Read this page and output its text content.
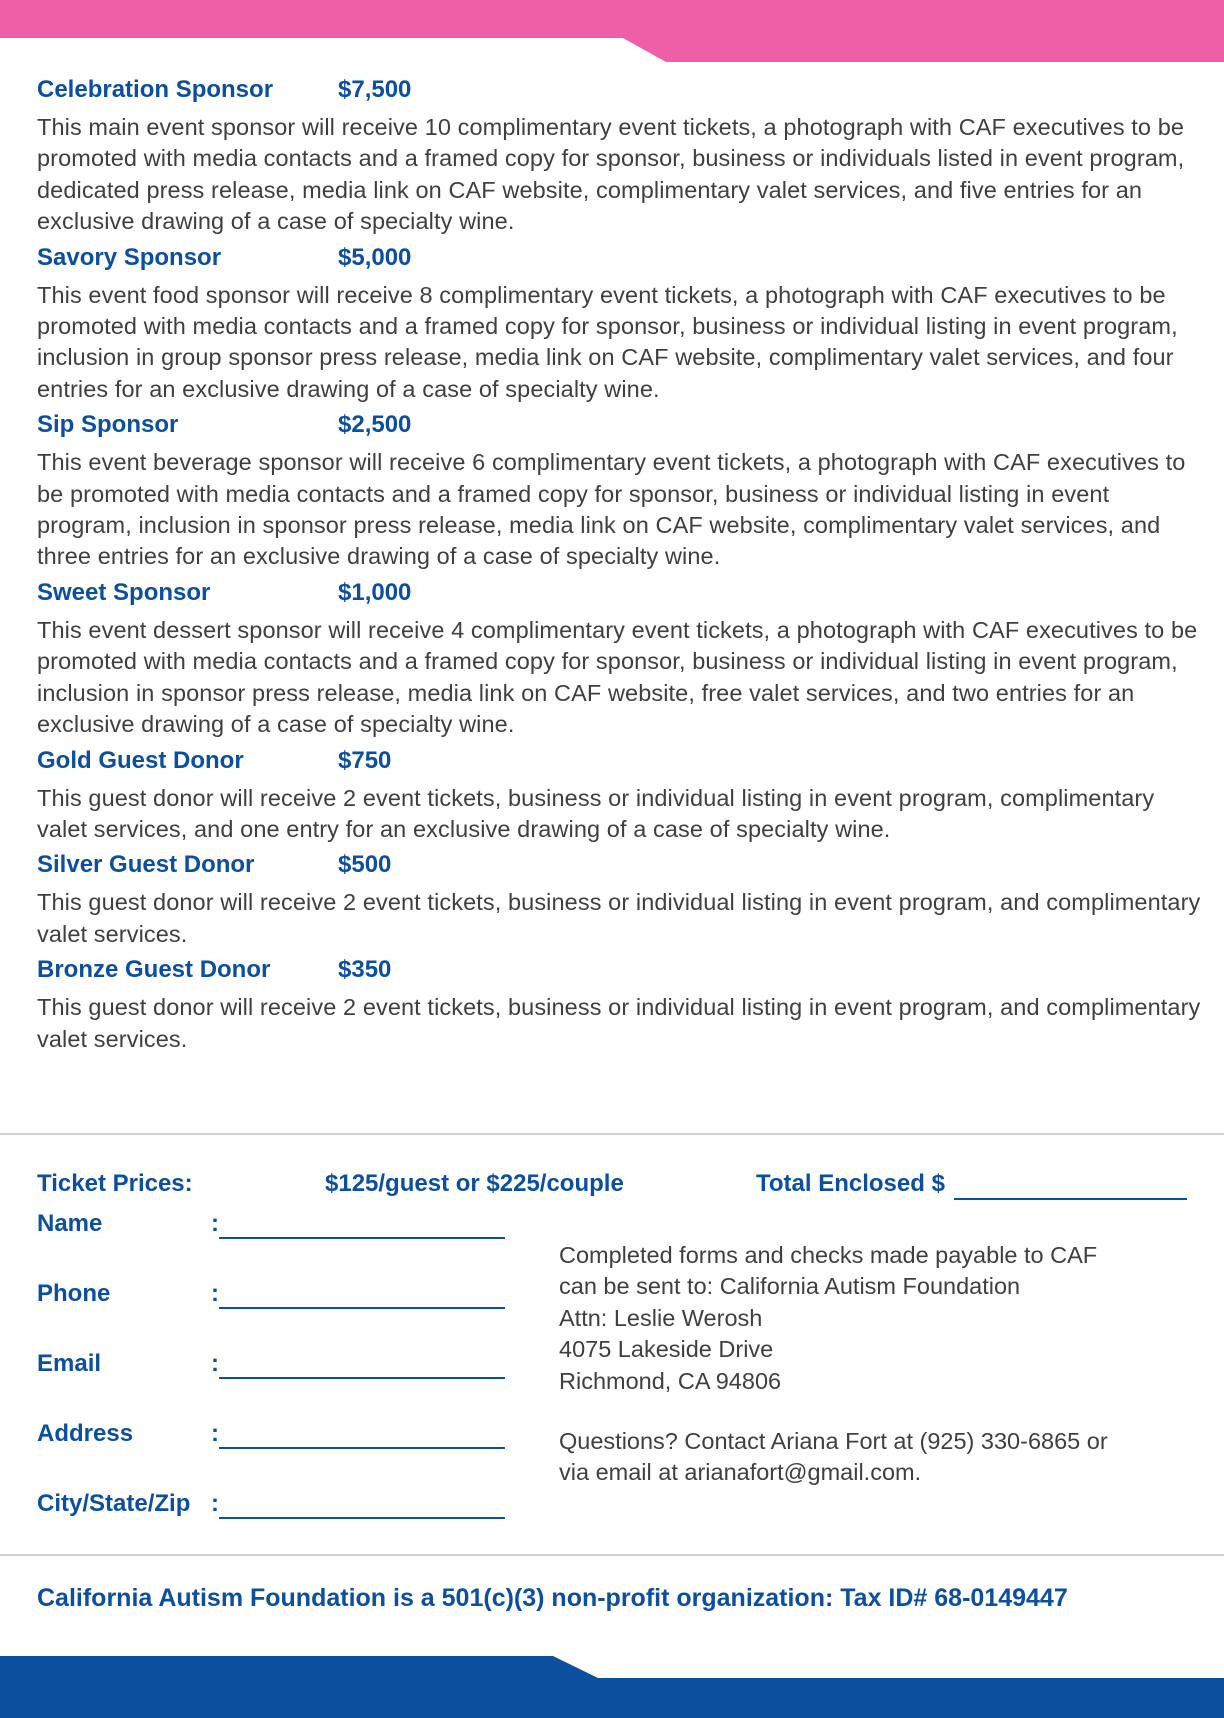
Celebration Sponsor	$7,500

This main event sponsor will receive 10 complimentary event tickets, a photograph with CAF executives to be promoted with media contacts and a framed copy for sponsor, business or individuals listed in event program, dedicated press release, media link on CAF website, complimentary valet services, and five entries for an exclusive drawing of a case of specialty wine.

Savory Sponsor	$5,000

This event food sponsor will receive 8 complimentary event tickets, a photograph with CAF executives to be promoted with media contacts and a framed copy for sponsor, business or individual listing in event program, inclusion in group sponsor press release, media link on CAF website, complimentary valet services, and four entries for an exclusive drawing of a case of specialty wine.

Sip Sponsor	$2,500

This event beverage sponsor will receive 6 complimentary event tickets, a photograph with CAF executives to be promoted with media contacts and a framed copy for sponsor, business or individual listing in event program, inclusion in sponsor press release, media link on CAF website, complimentary valet services, and three entries for an exclusive drawing of a case of specialty wine.

Sweet Sponsor	$1,000

This event dessert sponsor will receive 4 complimentary event tickets, a photograph with CAF executives to be promoted with media contacts and a framed copy for sponsor, business or individual listing in event program, inclusion in sponsor press release, media link on CAF website, free valet services, and two entries for an exclusive drawing of a case of specialty wine.

Gold Guest Donor	$750

This guest donor will receive 2 event tickets, business or individual listing in event program, complimentary valet services, and one entry for an exclusive drawing of a case of specialty wine.

Silver Guest Donor	$500

This guest donor will receive 2 event tickets, business or individual listing in event program, and complimentary valet services.

Bronze Guest Donor	$350

This guest donor will receive 2 event tickets, business or individual listing in event program, and complimentary valet services.

Ticket Prices:	$125/guest or $225/couple	Total Enclosed $
Name	:
Phone	:
Email	:
Address	:
City/State/Zip :

Completed forms and checks made payable to CAF

can be sent to: California Autism Foundation

Attn: Leslie Werosh

4075 Lakeside Drive

Richmond, CA 94806

Questions? Contact Ariana Fort at (925) 330-6865 or

via email at arianafort@gmail.com.

California Autism Foundation is a 501(c)(3) non-profit organization: Tax ID# 68-0149447
